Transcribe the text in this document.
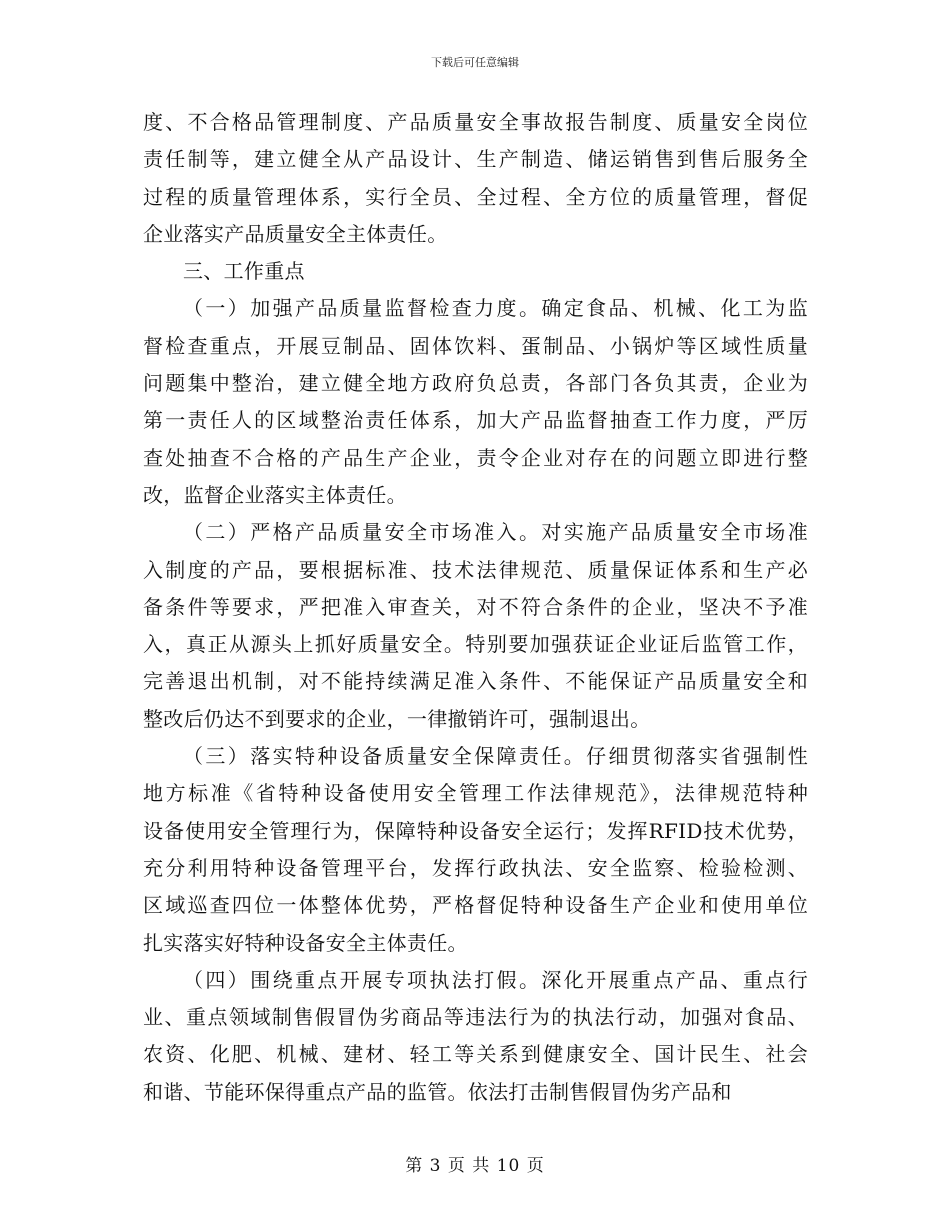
下载后可任意编辑
度、不合格品管理制度、产品质量安全事故报告制度、质量安全岗位
责任制等，建立健全从产品设计、生产制造、储运销售到售后服务全
过程的质量管理体系，实行全员、全过程、全方位的质量管理，督促
企业落实产品质量安全主体责任。
三、工作重点
（一）加强产品质量监督检查力度。确定食品、机械、化工为监
督检查重点，开展豆制品、固体饮料、蛋制品、小锅炉等区域性质量
问题集中整治，建立健全地方政府负总责，各部门各负其责，企业为
第一责任人的区域整治责任体系，加大产品监督抽查工作力度，严厉
查处抽查不合格的产品生产企业，责令企业对存在的问题立即进行整
改，监督企业落实主体责任。
（二）严格产品质量安全市场准入。对实施产品质量安全市场准
入制度的产品，要根据标准、技术法律规范、质量保证体系和生产必
备条件等要求，严把准入审查关，对不符合条件的企业，坚决不予准
入，真正从源头上抓好质量安全。特别要加强获证企业证后监管工作，
完善退出机制，对不能持续满足准入条件、不能保证产品质量安全和
整改后仍达不到要求的企业，一律撤销许可，强制退出。
（三）落实特种设备质量安全保障责任。仔细贯彻落实省强制性
地方标准《省特种设备使用安全管理工作法律规范》，法律规范特种
设备使用安全管理行为，保障特种设备安全运行；发挥RFID技术优势，
充分利用特种设备管理平台，发挥行政执法、安全监察、检验检测、
区域巡查四位一体整体优势，严格督促特种设备生产企业和使用单位
扎实落实好特种设备安全主体责任。
（四）围绕重点开展专项执法打假。深化开展重点产品、重点行
业、重点领域制售假冒伪劣商品等违法行为的执法行动，加强对食品、
农资、化肥、机械、建材、轻工等关系到健康安全、国计民生、社会
和谐、节能环保得重点产品的监管。依法打击制售假冒伪劣产品和
第 3 页 共 10 页
